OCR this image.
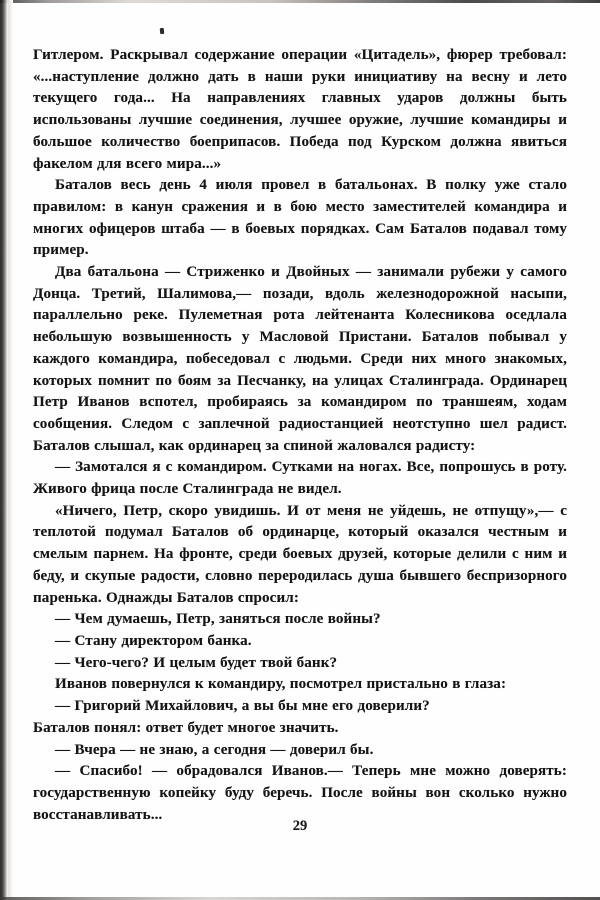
Гитлером. Раскрывал содержание операции «Цитадель», фюрер требовал: «...наступление должно дать в наши руки инициативу на весну и лето текущего года... На направлениях главных ударов должны быть использованы лучшие соединения, лучшее оружие, лучшие командиры и большое количество боеприпасов. Победа под Курском должна явиться факелом для всего мира...»

Баталов весь день 4 июля провел в батальонах. В полку уже стало правилом: в канун сражения и в бою место заместителей командира и многих офицеров штаба — в боевых порядках. Сам Баталов подавал тому пример.

Два батальона — Стриженко и Двойных — занимали рубежи у самого Донца. Третий, Шалимова,— позади, вдоль железнодорожной насыпи, параллельно реке. Пулеметная рота лейтенанта Колесникова оседлала небольшую возвышенность у Масловой Пристани. Баталов побывал у каждого командира, побеседовал с людьми. Среди них много знакомых, которых помнит по боям за Песчанку, на улицах Сталинграда. Ординарец Петр Иванов вспотел, пробираясь за командиром по траншеям, ходам сообщения. Следом с заплечной радиостанцией неотступно шел радист. Баталов слышал, как ординарец за спиной жаловался радисту:

— Замотался я с командиром. Сутками на ногах. Все, попрошусь в роту. Живого фрица после Сталинграда не видел.

«Ничего, Петр, скоро увидишь. И от меня не уйдешь, не отпущу»,— с теплотой подумал Баталов об ординарце, который оказался честным и смелым парнем. На фронте, среди боевых друзей, которые делили с ним и беду, и скупые радости, словно переродилась душа бывшего беспризорного паренька. Однажды Баталов спросил:

— Чем думаешь, Петр, заняться после войны?

— Стану директором банка.

— Чего-чего? И целым будет твой банк?

Иванов повернулся к командиру, посмотрел пристально в глаза:

— Григорий Михайлович, а вы бы мне его доверили?

Баталов понял: ответ будет многое значить.

— Вчера — не знаю, а сегодня — доверил бы.

— Спасибо! — обрадовался Иванов.— Теперь мне можно доверять: государственную копейку буду беречь. После войны вон сколько нужно восстанавливать...

29
